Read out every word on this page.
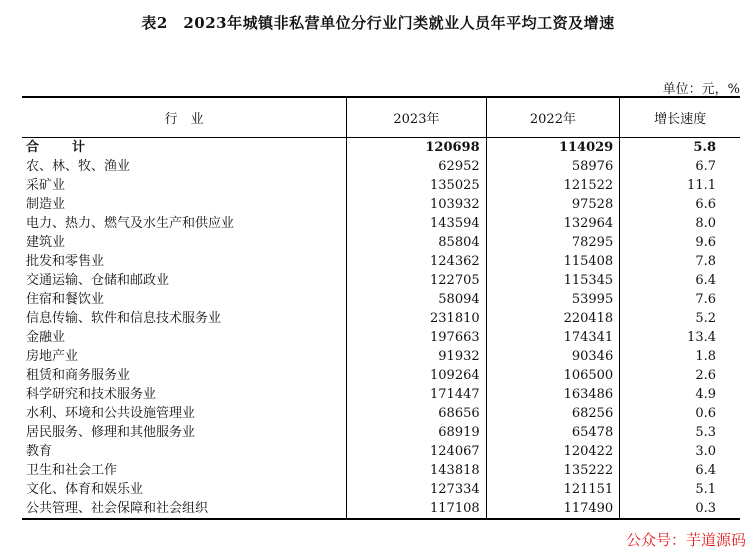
表2　2023年城镇非私营单位分行业门类就业人员年平均工资及增速
单位：元，%
行　业	2023年	2022年	增长速度
合　计	120698	114029	5.8
农、林、牧、渔业	62952	58976	6.7
采矿业	135025	121522	11.1
制造业	103932	97528	6.6
电力、热力、燃气及水生产和供应业	143594	132964	8.0
建筑业	85804	78295	9.6
批发和零售业	124362	115408	7.8
交通运输、仓储和邮政业	122705	115345	6.4
住宿和餐饮业	58094	53995	7.6
信息传输、软件和信息技术服务业	231810	220418	5.2
金融业	197663	174341	13.4
房地产业	91932	90346	1.8
租赁和商务服务业	109264	106500	2.6
科学研究和技术服务业	171447	163486	4.9
水利、环境和公共设施管理业	68656	68256	0.6
居民服务、修理和其他服务业	68919	65478	5.3
教育	124067	120422	3.0
卫生和社会工作	143818	135222	6.4
文化、体育和娱乐业	127334	121151	5.1
公共管理、社会保障和社会组织	117108	117490	0.3
公众号：芋道源码
